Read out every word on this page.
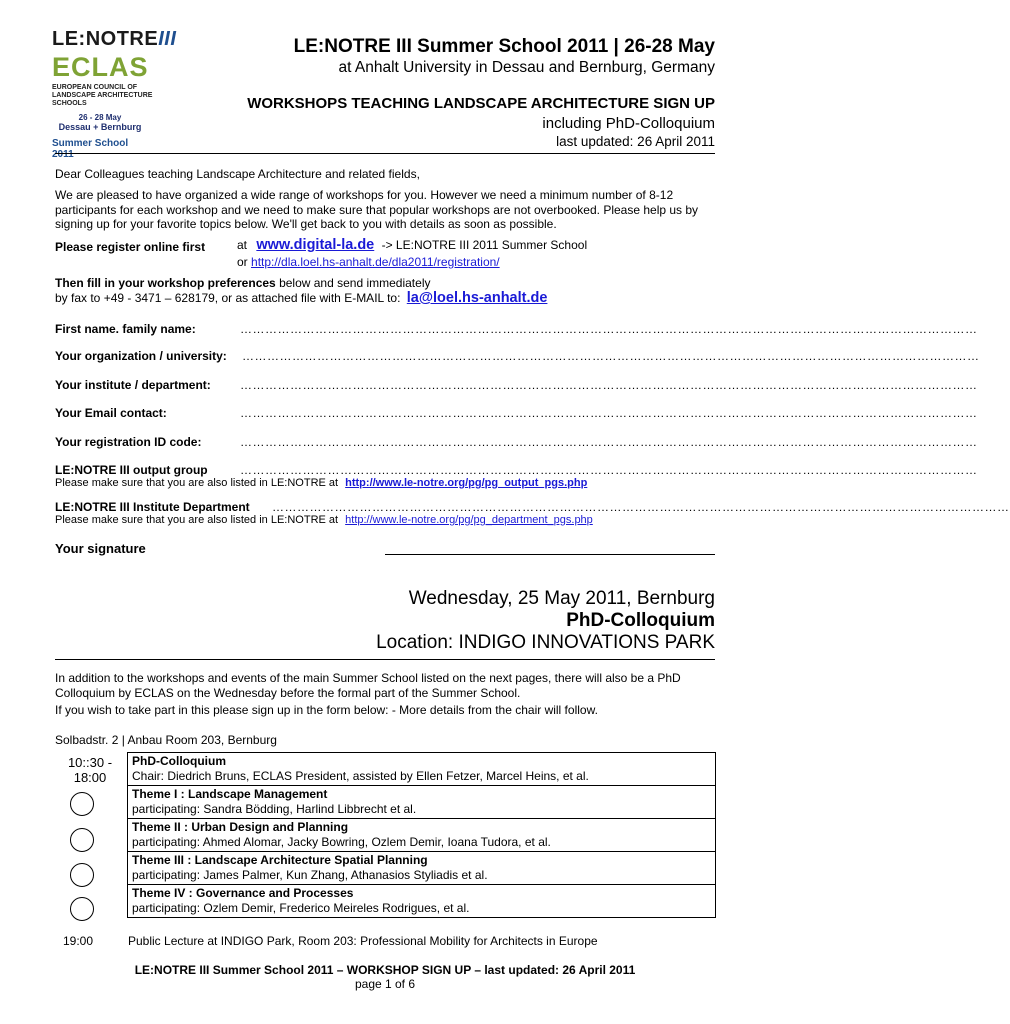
LE:NOTREIII
ECLAS
EUROPEAN COUNCIL OF
LANDSCAPE ARCHITECTURE
SCHOOLS
26 - 28 May
Dessau + Bernburg
Summer School 2011
LE:NOTRE III Summer School 2011 | 26-28 May
at Anhalt University in Dessau and Bernburg, Germany
WORKSHOPS TEACHING LANDSCAPE ARCHITECTURE SIGN UP
including PhD-Colloquium
last updated: 26 April 2011
Dear Colleagues teaching Landscape Architecture and related fields,
We are pleased to have organized a wide range of workshops for you. However we need a minimum number of 8-12 participants for each workshop and we need to make sure that popular workshops are not overbooked. Please help us by signing up for your favorite topics below. We'll get back to you with details as soon as possible.
Please register online first	at www.digital-la.de -> LE:NOTRE III 2011 Summer School
or http://dla.loel.hs-anhalt.de/dla2011/registration/
Then fill in your workshop preferences below and send immediately
by fax to +49 - 3471 – 628179, or as attached file with E-MAIL to: la@loel.hs-anhalt.de
First name. family name:	……………………………………………………………………………………………………………………………………………………………
Your organization / university: ……………………………………………………………………………………………………………………………………………………………
Your institute / department: ……………………………………………………………………………………………………………………………………………………………
Your Email contact:	……………………………………………………………………………………………………………………………………………………………
Your registration ID code:	……………………………………………………………………………………………………………………………………………………………
LE:NOTRE III output group	……………………………………………………………………………………………………………………………………………………………
Please make sure that you are also listed in LE:NOTRE at http://www.le-notre.org/pg/pg_output_pgs.php
LE:NOTRE III Institute Department ……………………………………………………………………………………………………………………………………………………………
Please make sure that you are also listed in LE:NOTRE at http://www.le-notre.org/pg/pg_department_pgs.php
Your signature
Wednesday, 25 May 2011, Bernburg
PhD-Colloquium
Location: INDIGO INNOVATIONS PARK
In addition to the workshops and events of the main Summer School listed on the next pages, there will also be a PhD Colloquium by ECLAS on the Wednesday before the formal part of the Summer School.
If you wish to take part in this please sign up in the form below: - More details from the chair will follow.
Solbadstr. 2 | Anbau Room 203, Bernburg
10::30 - 18:00
PhD-Colloquium
Chair: Diedrich Bruns, ECLAS President, assisted by Ellen Fetzer, Marcel Heins, et al.
Theme I : Landscape Management
participating: Sandra Bödding, Harlind Libbrecht et al.
Theme II : Urban Design and Planning
participating: Ahmed Alomar, Jacky Bowring, Ozlem Demir, Ioana Tudora, et al.
Theme III : Landscape Architecture Spatial Planning
participating: James Palmer, Kun Zhang, Athanasios Styliadis et al.
Theme IV : Governance and Processes
participating: Ozlem Demir, Frederico Meireles Rodrigues, et al.
19:00	Public Lecture at INDIGO Park, Room 203: Professional Mobility for Architects in Europe
LE:NOTRE III Summer School 2011 – WORKSHOP SIGN UP – last updated: 26 April 2011
page 1 of 6
